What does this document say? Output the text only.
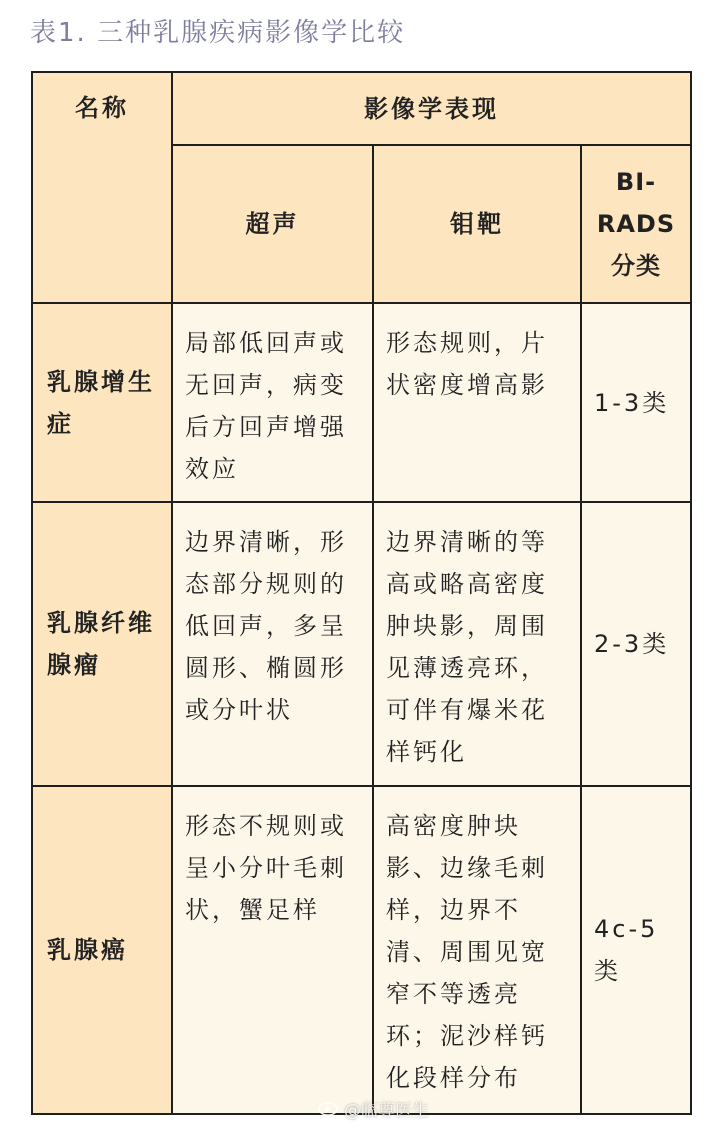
表1. 三种乳腺疾病影像学比较
名称	影像学表现		
	超声	钼靶	BI-RADS分类
乳腺增生症	局部低回声或无回声，病变后方回声增强效应	形态规则，片状密度增高影	1-3类
乳腺纤维腺瘤	边界清晰，形态部分规则的低回声，多呈圆形、椭圆形或分叶状	边界清晰的等高或略高密度肿块影，周围见薄透亮环，可伴有爆米花样钙化	2-3类
乳腺癌	形态不规则或呈小分叶毛刺状，蟹足样	高密度肿块影、边缘毛刺样，边界不清、周围见宽窄不等透亮环；泥沙样钙化段样分布	4c-5类
@临尊医生
